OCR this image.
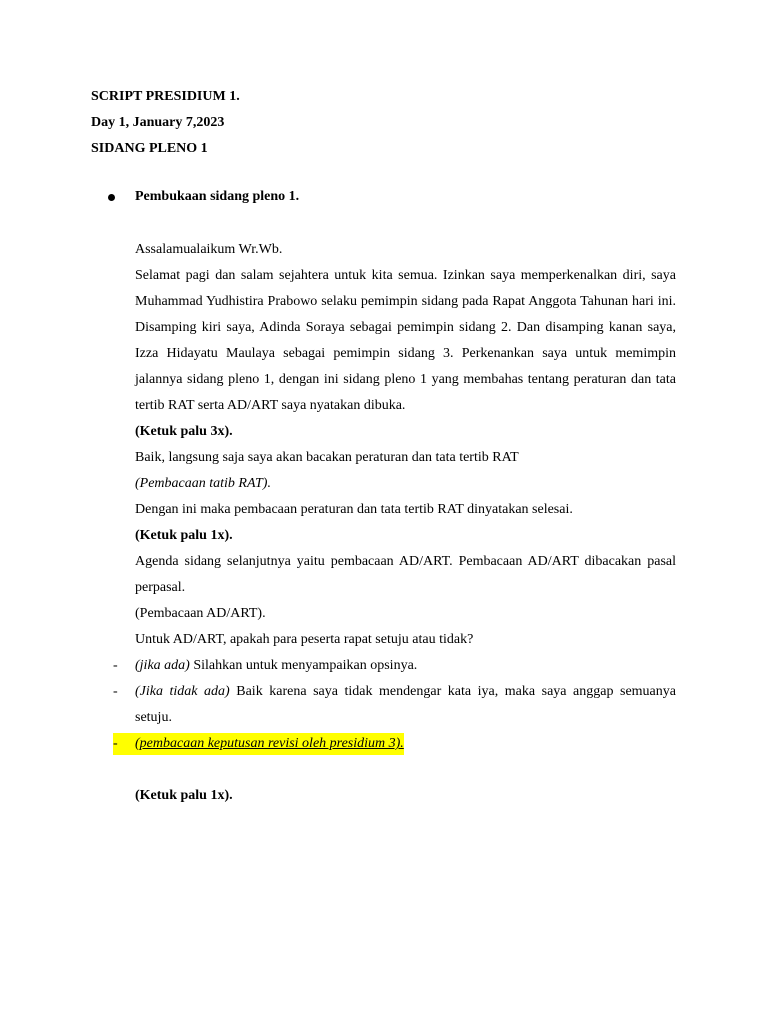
SCRIPT PRESIDIUM 1.
Day 1, January 7,2023
SIDANG PLENO 1
Pembukaan sidang pleno 1.

Assalamualaikum Wr.Wb.

Selamat pagi dan salam sejahtera untuk kita semua. Izinkan saya memperkenalkan diri, saya Muhammad Yudhistira Prabowo selaku pemimpin sidang pada Rapat Anggota Tahunan hari ini. Disamping kiri saya, Adinda Soraya sebagai pemimpin sidang 2. Dan disamping kanan saya, Izza Hidayatu Maulaya sebagai pemimpin sidang 3. Perkenankan saya untuk memimpin jalannya sidang pleno 1, dengan ini sidang pleno 1 yang membahas tentang peraturan dan tata tertib RAT serta AD/ART saya nyatakan dibuka.

(Ketuk palu 3x).

Baik, langsung saja saya akan bacakan peraturan dan tata tertib RAT

(Pembacaan tatib RAT).

Dengan ini maka pembacaan peraturan dan tata tertib RAT dinyatakan selesai.

(Ketuk palu 1x).

Agenda sidang selanjutnya yaitu pembacaan AD/ART. Pembacaan AD/ART dibacakan pasal perpasal.

(Pembacaan AD/ART).

Untuk AD/ART, apakah para peserta rapat setuju atau tidak?

- (jika ada) Silahkan untuk menyampaikan opsinya.
- (Jika tidak ada) Baik karena saya tidak mendengar kata iya, maka saya anggap semuanya setuju.
- (pembacaan keputusan revisi oleh presidium 3).

(Ketuk palu 1x).
